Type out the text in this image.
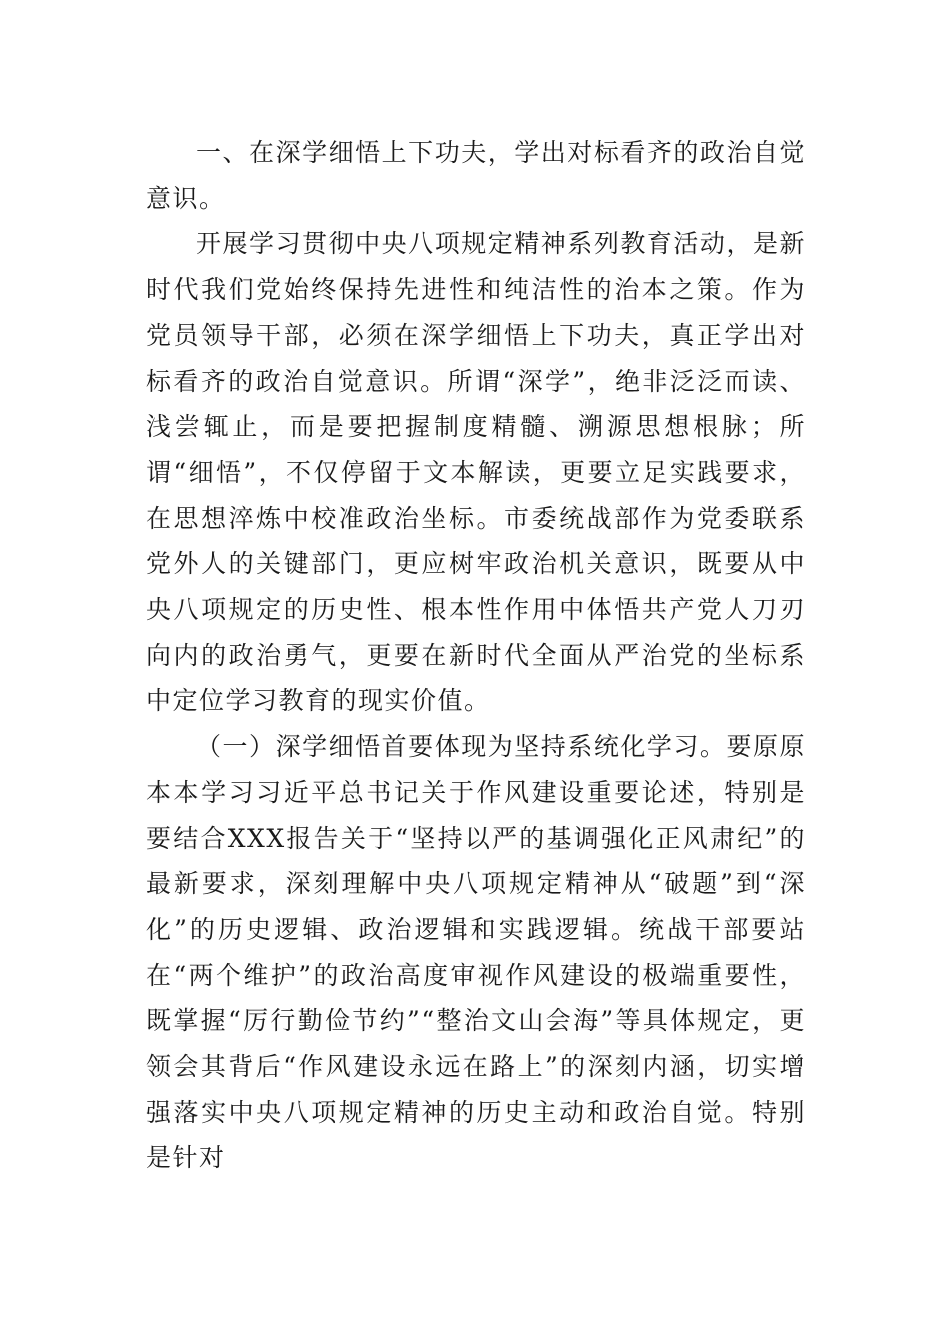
一、在深学细悟上下功夫，学出对标看齐的政治自觉意识。

开展学习贯彻中央八项规定精神系列教育活动，是新时代我们党始终保持先进性和纯洁性的治本之策。作为党员领导干部，必须在深学细悟上下功夫，真正学出对标看齐的政治自觉意识。所谓“深学”，绝非泛泛而读、浅尝辄止，而是要把握制度精髓、溯源思想根脉；所谓“细悟”，不仅停留于文本解读，更要立足实践要求，在思想淬炼中校准政治坐标。市委统战部作为党委联系党外人的关键部门，更应树牢政治机关意识，既要从中央八项规定的历史性、根本性作用中体悟共产党人刀刃向内的政治勇气，更要在新时代全面从严治党的坐标系中定位学习教育的现实价值。

（一）深学细悟首要体现为坚持系统化学习。要原原本本学习习近平总书记关于作风建设重要论述，特别是要结合XXX报告关于“坚持以严的基调强化正风肃纪”的最新要求，深刻理解中央八项规定精神从“破题”到“深化”的历史逻辑、政治逻辑和实践逻辑。统战干部要站在“两个维护”的政治高度审视作风建设的极端重要性，既掌握“厉行勤俭节约”“整治文山会海”等具体规定，更领会其背后“作风建设永远在路上”的深刻内涵，切实增强落实中央八项规定精神的历史主动和政治自觉。特别是针对
